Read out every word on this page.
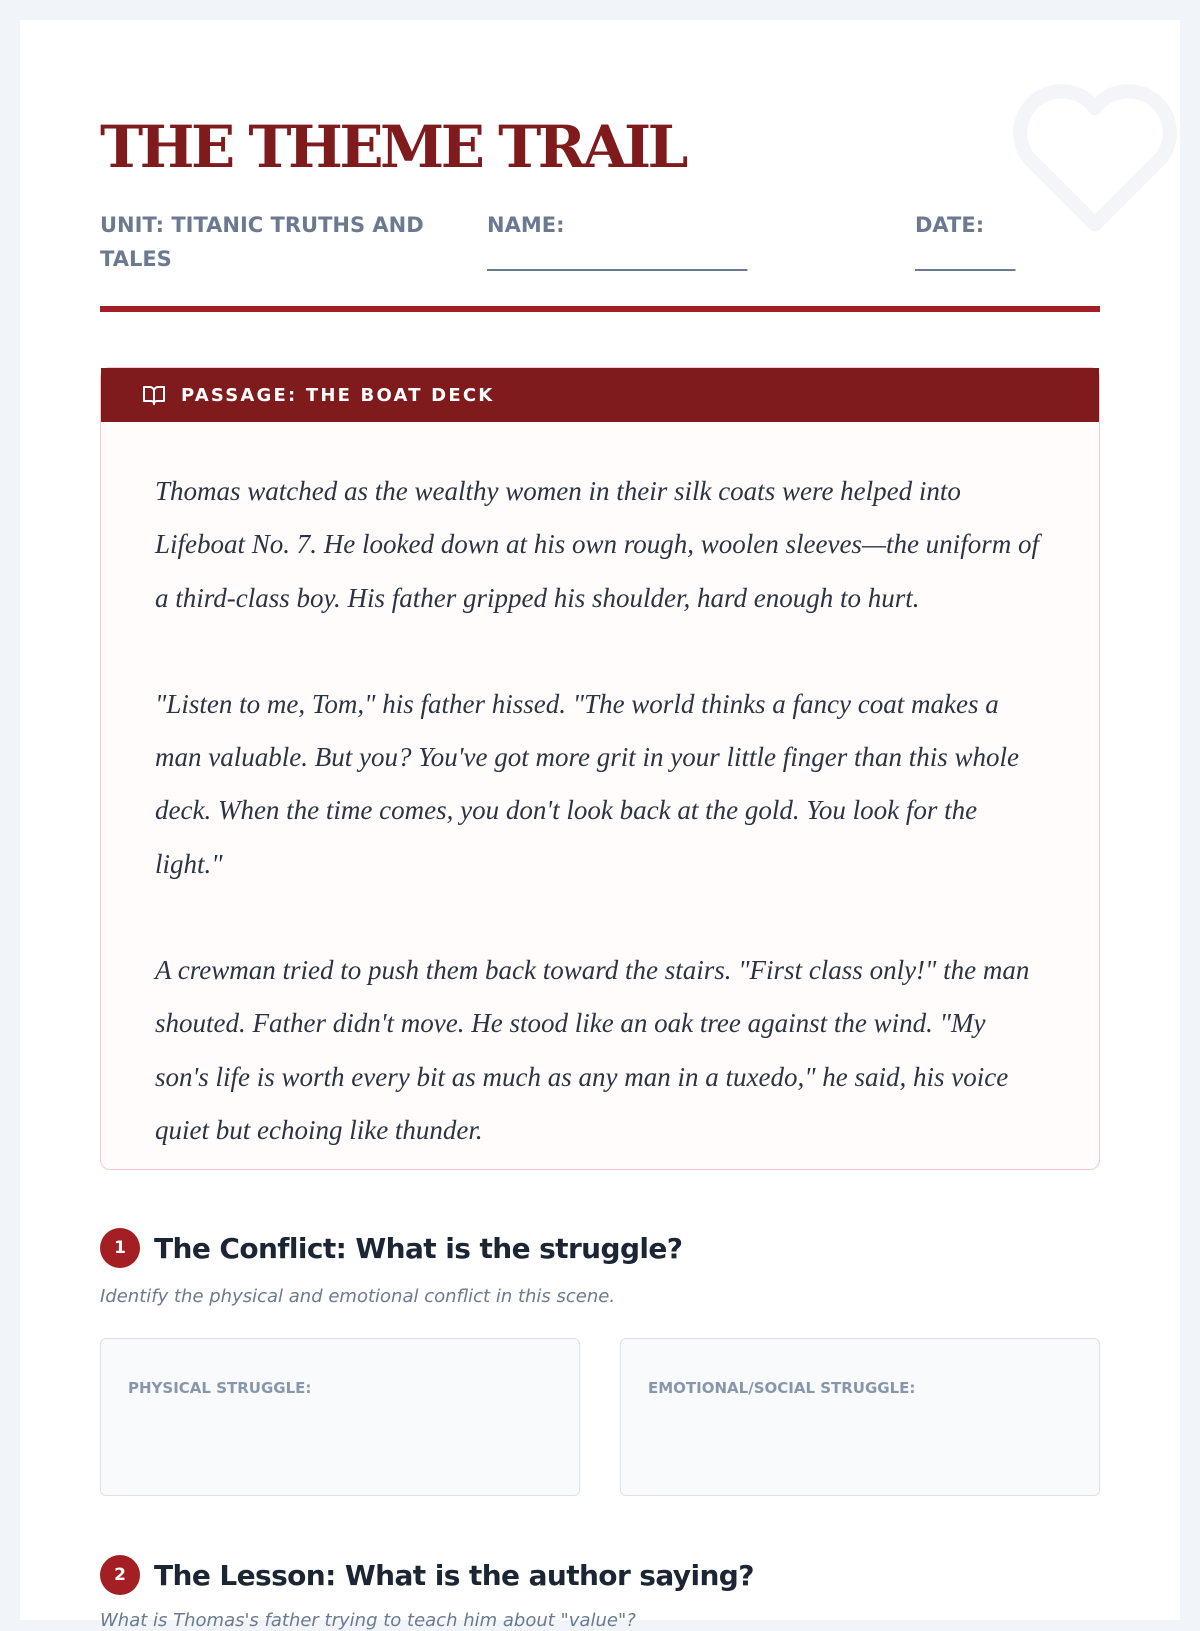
THE THEME TRAIL
UNIT: TITANIC TRUTHS AND TALES
NAME:
__________________________
DATE:
__________
PASSAGE: THE BOAT DECK

Thomas watched as the wealthy women in their silk coats were helped into Lifeboat No. 7. He looked down at his own rough, woolen sleeves—the uniform of a third-class boy. His father gripped his shoulder, hard enough to hurt.

"Listen to me, Tom," his father hissed. "The world thinks a fancy coat makes a man valuable. But you? You've got more grit in your little finger than this whole deck. When the time comes, you don't look back at the gold. You look for the light."

A crewman tried to push them back toward the stairs. "First class only!" the man shouted. Father didn't move. He stood like an oak tree against the wind. "My son's life is worth every bit as much as any man in a tuxedo," he said, his voice quiet but echoing like thunder.

1	The Conflict: What is the struggle?
Identify the physical and emotional conflict in this scene.
PHYSICAL STRUGGLE:	EMOTIONAL/SOCIAL STRUGGLE:
2	The Lesson: What is the author saying?
What is Thomas's father trying to teach him about "value"?
